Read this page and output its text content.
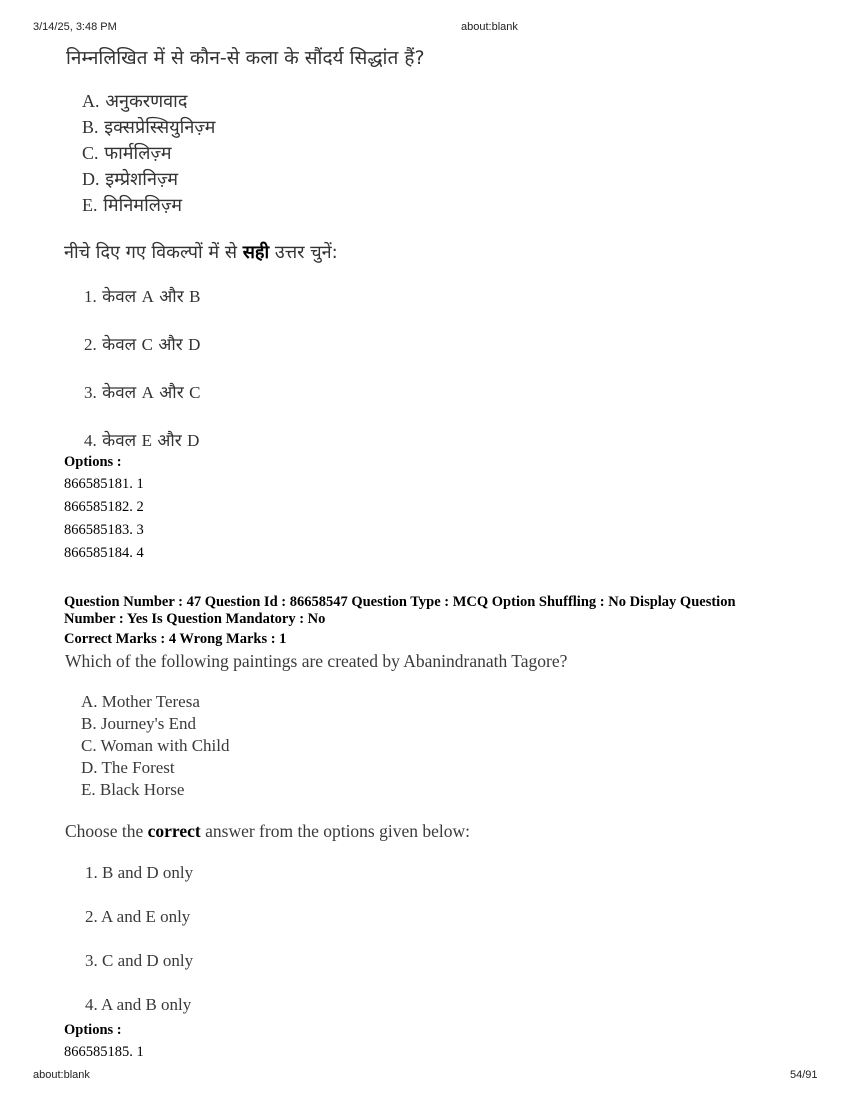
3/14/25, 3:48 PM	about:blank
निम्नलिखित में से कौन-से कला के सौंदर्य सिद्धांत हैं?
A. अनुकरणवाद
B. इक्सप्रेस्सियुनिज़्म
C. फार्मलिज़्म
D. इम्प्रेशनिज़्म
E. मिनिमलिज़्म
नीचे दिए गए विकल्पों में से सही उत्तर चुनें:
1. केवल A और B
2. केवल C और D
3. केवल A और C
4. केवल E और D
Options :
866585181. 1
866585182. 2
866585183. 3
866585184. 4
Question Number : 47 Question Id : 86658547 Question Type : MCQ Option Shuffling : No Display Question
Number : Yes Is Question Mandatory : No
Correct Marks : 4 Wrong Marks : 1
Which of the following paintings are created by Abanindranath Tagore?
A. Mother Teresa
B. Journey's End
C. Woman with Child
D. The Forest
E. Black Horse
Choose the correct answer from the options given below:
1. B and D only
2. A and E only
3. C and D only
4. A and B only
Options :
866585185. 1
about:blank	54/91
